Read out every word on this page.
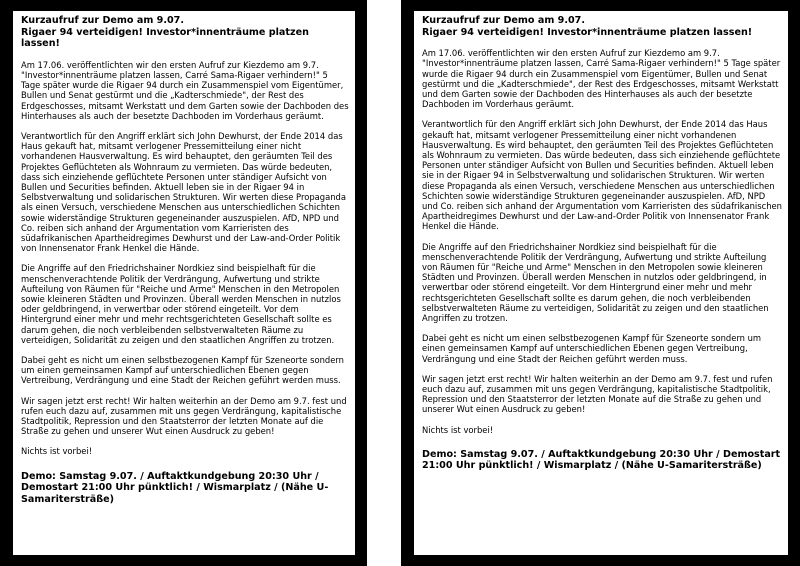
Kurzaufruf zur Demo am 9.07.
Rigaer 94 verteidigen! Investor*innenträume platzen lassen!

Am 17.06. veröffentlichten wir den ersten Aufruf zur Kiezdemo am 9.7. "Investor*innenträume platzen lassen, Carré Sama-Rigaer verhindern!" 5 Tage später wurde die Rigaer 94 durch ein Zusammenspiel vom Eigentümer, Bullen und Senat gestürmt und die „Kadterschmiede", der Rest des Erdgeschosses, mitsamt Werkstatt und dem Garten sowie der Dachboden des Hinterhauses als auch der besetzte Dachboden im Vorderhaus geräumt.

Verantwortlich für den Angriff erklärt sich John Dewhurst, der Ende 2014 das Haus gekauft hat, mitsamt verlogener Pressemitteilung einer nicht vorhandenen Hausverwaltung. Es wird behauptet, den geräumten Teil des Projektes Geflüchteten als Wohnraum zu vermieten. Das würde bedeuten, dass sich einziehende geflüchtete Personen unter ständiger Aufsicht von Bullen und Securities befinden. Aktuell leben sie in der Rigaer 94 in Selbstverwaltung und solidarischen Strukturen. Wir werten diese Propaganda als einen Versuch, verschiedene Menschen aus unterschiedlichen Schichten sowie widerständige Strukturen gegeneinander auszuspielen. AfD, NPD und Co. reiben sich anhand der Argumentation vom Karrieristen des südafrikanischen Apartheidregimes Dewhurst und der Law-and-Order Politik von Innensenator Frank Henkel die Hände.

Die Angriffe auf den Friedrichshainer Nordkiez sind beispielhaft für die menschenverachtende Politik der Verdrängung, Aufwertung und strikte Aufteilung von Räumen für "Reiche und Arme" Menschen in den Metropolen sowie kleineren Städten und Provinzen. Überall werden Menschen in nutzlos oder geldbringend, in verwertbar oder störend eingeteilt. Vor dem Hintergrund einer mehr und mehr rechtsgerichteten Gesellschaft sollte es darum gehen, die noch verbleibenden selbstverwalteten Räume zu verteidigen, Solidarität zu zeigen und den staatlichen Angriffen zu trotzen.

Dabei geht es nicht um einen selbstbezogenen Kampf für Szeneorte sondern um einen gemeinsamen Kampf auf unterschiedlichen Ebenen gegen Vertreibung, Verdrängung und eine Stadt der Reichen geführt werden muss.

Wir sagen jetzt erst recht! Wir halten weiterhin an der Demo am 9.7. fest und rufen euch dazu auf, zusammen mit uns gegen Verdrängung, kapitalistische Stadtpolitik, Repression und den Staatsterror der letzten Monate auf die Straße zu gehen und unserer Wut einen Ausdruck zu geben!

Nichts ist vorbei!

Demo: Samstag 9.07. / Auftaktkundgebung 20:30 Uhr / Demostart 21:00 Uhr pünktlich! / Wismarplatz / (Nähe U-Samaritersträße)

Kurzaufruf zur Demo am 9.07.
Rigaer 94 verteidigen! Investor*innenträume platzen lassen!

Am 17.06. veröffentlichten wir den ersten Aufruf zur Kiezdemo am 9.7. "Investor*innenträume platzen lassen, Carré Sama-Rigaer verhindern!" 5 Tage später wurde die Rigaer 94 durch ein Zusammenspiel vom Eigentümer, Bullen und Senat gestürmt und die „Kadterschmiede", der Rest des Erdgeschosses, mitsamt Werkstatt und dem Garten sowie der Dachboden des Hinterhauses als auch der besetzte Dachboden im Vorderhaus geräumt.

Verantwortlich für den Angriff erklärt sich John Dewhurst, der Ende 2014 das Haus gekauft hat, mitsamt verlogener Pressemitteilung einer nicht vorhandenen Hausverwaltung. Es wird behauptet, den geräumten Teil des Projektes Geflüchteten als Wohnraum zu vermieten. Das würde bedeuten, dass sich einziehende geflüchtete Personen unter ständiger Aufsicht von Bullen und Securities befinden. Aktuell leben sie in der Rigaer 94 in Selbstverwaltung und solidarischen Strukturen. Wir werten diese Propaganda als einen Versuch, verschiedene Menschen aus unterschiedlichen Schichten sowie widerständige Strukturen gegeneinander auszuspielen. AfD, NPD und Co. reiben sich anhand der Argumentation vom Karrieristen des südafrikanischen Apartheidregimes Dewhurst und der Law-and-Order Politik von Innensenator Frank Henkel die Hände.

Die Angriffe auf den Friedrichshainer Nordkiez sind beispielhaft für die menschenverachtende Politik der Verdrängung, Aufwertung und strikte Aufteilung von Räumen für "Reiche und Arme" Menschen in den Metropolen sowie kleineren Städten und Provinzen. Überall werden Menschen in nutzlos oder geldbringend, in verwertbar oder störend eingeteilt. Vor dem Hintergrund einer mehr und mehr rechtsgerichteten Gesellschaft sollte es darum gehen, die noch verbleibenden selbstverwalteten Räume zu verteidigen, Solidarität zu zeigen und den staatlichen Angriffen zu trotzen.

Dabei geht es nicht um einen selbstbezogenen Kampf für Szeneorte sondern um einen gemeinsamen Kampf auf unterschiedlichen Ebenen gegen Vertreibung, Verdrängung und eine Stadt der Reichen geführt werden muss.

Wir sagen jetzt erst recht! Wir halten weiterhin an der Demo am 9.7. fest und rufen euch dazu auf, zusammen mit uns gegen Verdrängung, kapitalistische Stadtpolitik, Repression und den Staatsterror der letzten Monate auf die Straße zu gehen und unserer Wut einen Ausdruck zu geben!

Nichts ist vorbei!

Demo: Samstag 9.07. / Auftaktkundgebung 20:30 Uhr / Demostart 21:00 Uhr pünktlich! / Wismarplatz / (Nähe U-Samaritersträße)
